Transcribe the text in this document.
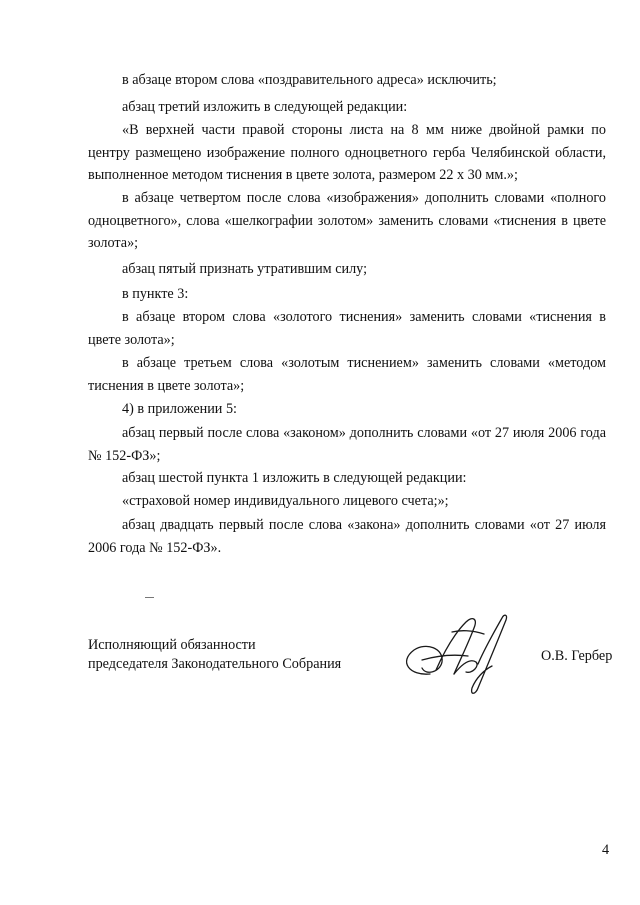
в абзаце втором слова «поздравительного адреса» исключить;

абзац третий изложить в следующей редакции:

«В верхней части правой стороны листа на 8 мм ниже двойной рамки по центру размещено изображение полного одноцветного герба Челябинской области, выполненное методом тиснения в цвете золота, размером 22 х 30 мм.»;

в абзаце четвертом после слова «изображения» дополнить словами «полного одноцветного», слова «шелкографии золотом» заменить словами «тиснения в цвете золота»;

абзац пятый признать утратившим силу;

в пункте 3:

в абзаце втором слова «золотого тиснения» заменить словами «тиснения в цвете золота»;

в абзаце третьем слова «золотым тиснением» заменить словами «методом тиснения в цвете золота»;

4) в приложении 5:

абзац первый после слова «законом» дополнить словами «от 27 июля 2006 года № 152-ФЗ»;

абзац шестой пункта 1 изложить в следующей редакции:

«страховой номер индивидуального лицевого счета;»;

абзац двадцать первый после слова «закона» дополнить словами «от 27 июля 2006 года № 152-ФЗ».

Исполняющий обязанности
председателя Законодательного Собрания	О.В. Гербер
4
